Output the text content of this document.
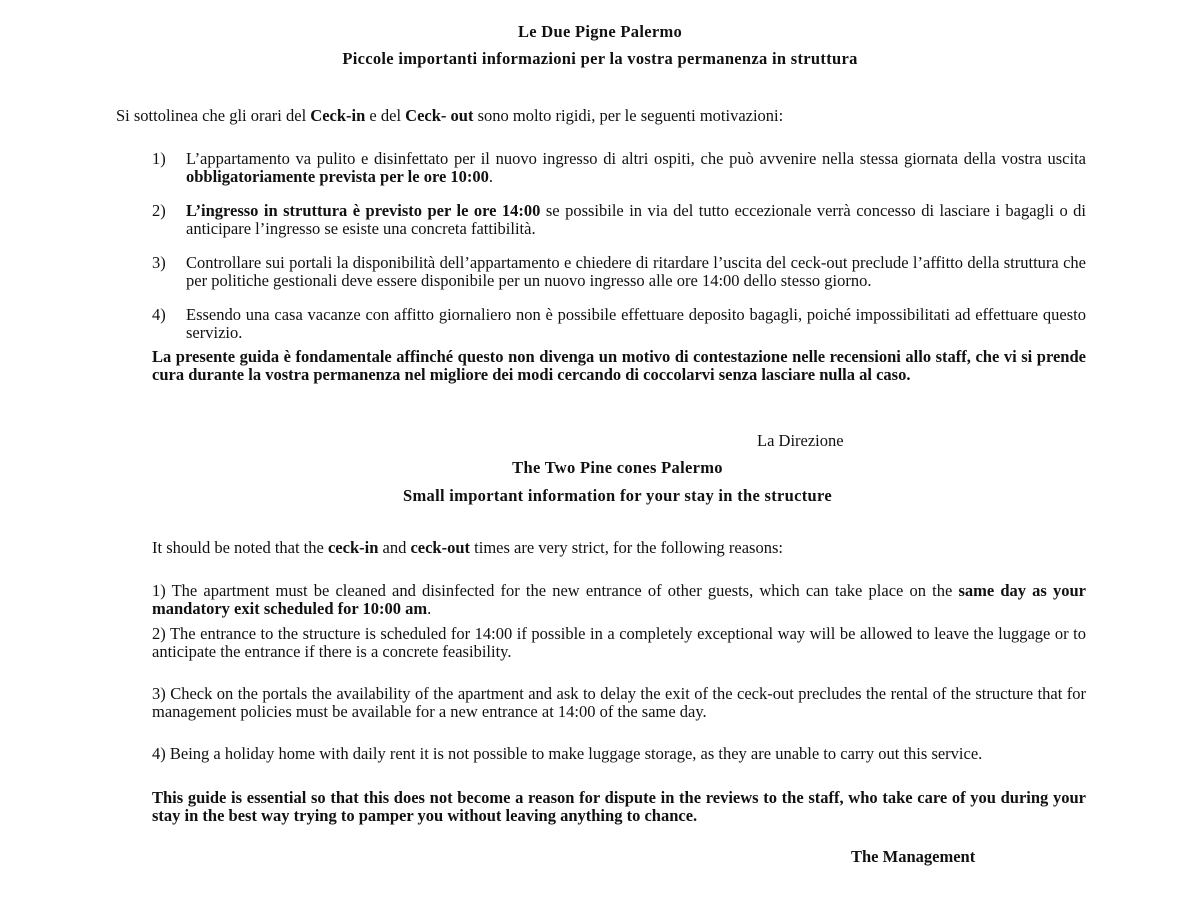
Le Due Pigne Palermo
Piccole importanti informazioni per la vostra permanenza in struttura
Si sottolinea che gli orari del Ceck-in e del Ceck- out sono molto rigidi, per le seguenti motivazioni:
1) L’appartamento va pulito e disinfettato per il nuovo ingresso di altri ospiti, che può avvenire nella stessa giornata della vostra uscita obbligatoriamente prevista per le ore 10:00.
2) L’ingresso in struttura è previsto per le ore 14:00 se possibile in via del tutto eccezionale verrà concesso di lasciare i bagagli o di anticipare l’ingresso se esiste una concreta fattibilità.
3) Controllare sui portali la disponibilità dell’appartamento e chiedere di ritardare l’uscita del ceck-out preclude l’affitto della struttura che per politiche gestionali deve essere disponibile per un nuovo ingresso alle ore 14:00 dello stesso giorno.
4) Essendo una casa vacanze con affitto giornaliero non è possibile effettuare deposito bagagli, poiché impossibilitati ad effettuare questo servizio.
La presente guida è fondamentale affinché questo non divenga un motivo di contestazione nelle recensioni allo staff, che vi si prende cura durante la vostra permanenza nel migliore dei modi cercando di coccolarvi senza lasciare nulla al caso.
La Direzione
The Two Pine cones Palermo
Small important information for your stay in the structure
It should be noted that the ceck-in and ceck-out times are very strict, for the following reasons:
1) The apartment must be cleaned and disinfected for the new entrance of other guests, which can take place on the same day as your mandatory exit scheduled for 10:00 am.
2) The entrance to the structure is scheduled for 14:00 if possible in a completely exceptional way will be allowed to leave the luggage or to anticipate the entrance if there is a concrete feasibility.
3) Check on the portals the availability of the apartment and ask to delay the exit of the ceck-out precludes the rental of the structure that for management policies must be available for a new entrance at 14:00 of the same day.
4) Being a holiday home with daily rent it is not possible to make luggage storage, as they are unable to carry out this service.
This guide is essential so that this does not become a reason for dispute in the reviews to the staff, who take care of you during your stay in the best way trying to pamper you without leaving anything to chance.
The Management
